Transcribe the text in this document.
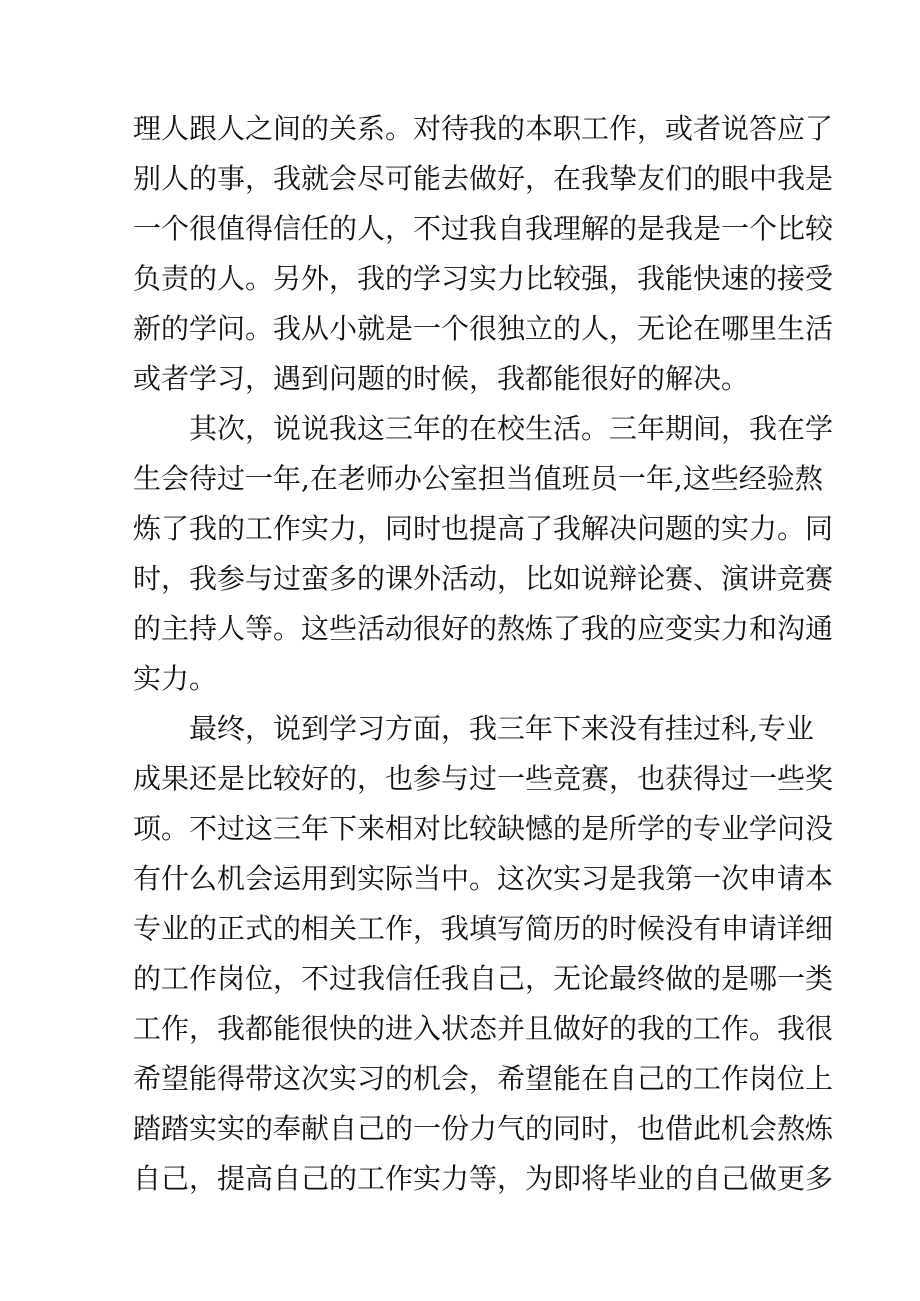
理人跟人之间的关系。对待我的本职工作，或者说答应了
别人的事，我就会尽可能去做好，在我挚友们的眼中我是
一个很值得信任的人，不过我自我理解的是我是一个比较
负责的人。另外，我的学习实力比较强，我能快速的接受
新的学问。我从小就是一个很独立的人，无论在哪里生活
或者学习，遇到问题的时候，我都能很好的解决。
其次，说说我这三年的在校生活。三年期间，我在学
生会待过一年,在老师办公室担当值班员一年,这些经验熬
炼了我的工作实力，同时也提高了我解决问题的实力。同
时，我参与过蛮多的课外活动，比如说辩论赛、演讲竞赛
的主持人等。这些活动很好的熬炼了我的应变实力和沟通
实力。
最终，说到学习方面，我三年下来没有挂过科,专业
成果还是比较好的，也参与过一些竞赛，也获得过一些奖
项。不过这三年下来相对比较缺憾的是所学的专业学问没
有什么机会运用到实际当中。这次实习是我第一次申请本
专业的正式的相关工作，我填写简历的时候没有申请详细
的工作岗位，不过我信任我自己，无论最终做的是哪一类
工作，我都能很快的进入状态并且做好的我的工作。我很
希望能得带这次实习的机会，希望能在自己的工作岗位上
踏踏实实的奉献自己的一份力气的同时，也借此机会熬炼
自己，提高自己的工作实力等，为即将毕业的自己做更多
